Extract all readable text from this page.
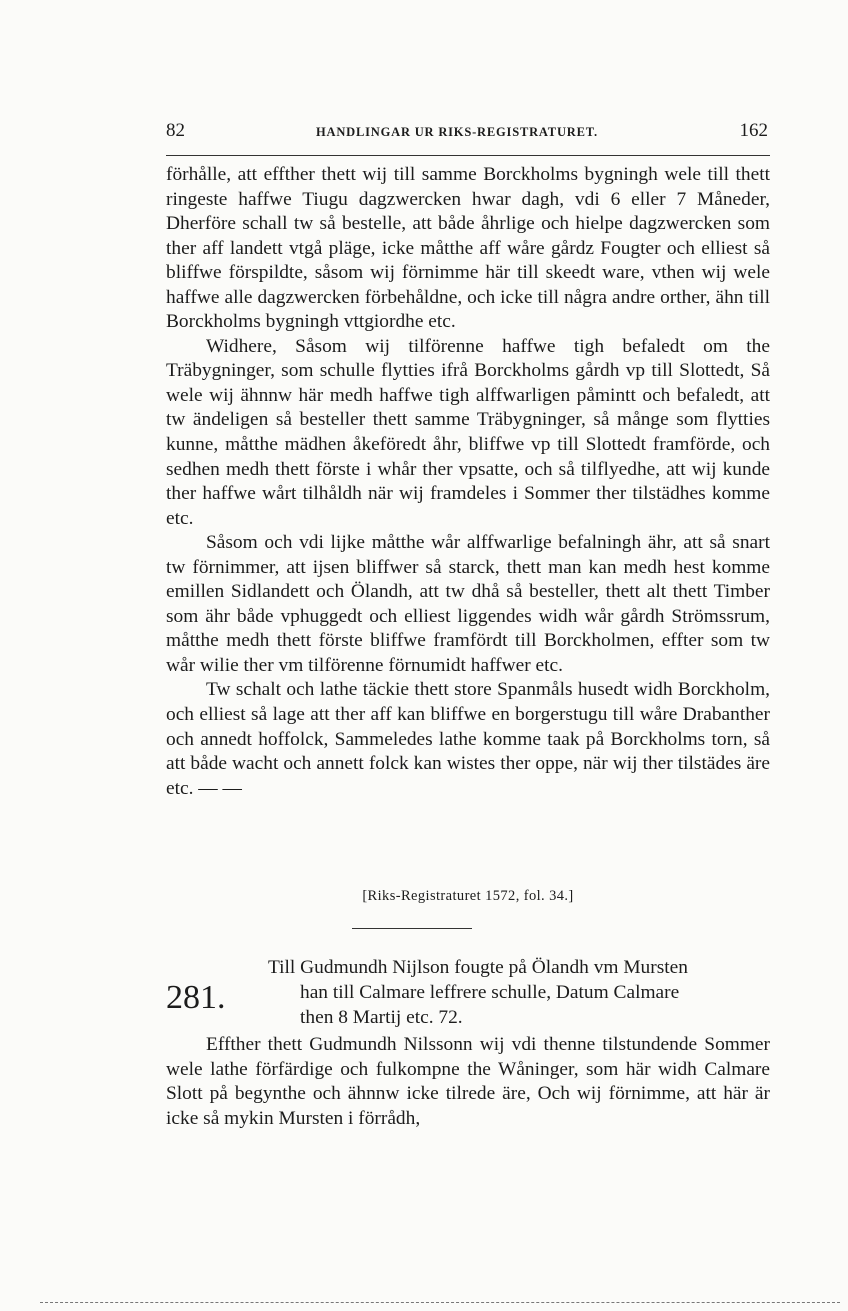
82	HANDLINGAR UR RIKS-REGISTRATURET.	162

förhålle, att effther thett wij till samme Borckholms bygningh wele till thett ringeste haffwe Tiugu dagzwercken hwar dagh, vdi 6 eller 7 Måneder, Dherföre schall tw så bestelle, att både åhrlige och hielpe dagzwercken som ther aff landett vtgå pläge, icke måtthe aff wåre gårdz Fougter och elliest så bliffwe förspildte, såsom wij förnimme här till skeedt ware, vthen wij wele haffwe alle dagzwercken förbehåldne, och icke till några andre orther, ähn till Borckholms bygningh vttgiordhe etc.

Widhere, Såsom wij tilförenne haffwe tigh befaledt om the Träbygninger, som schulle flytties ifrå Borckholms gårdh vp till Slottedt, Så wele wij ähnnw här medh haffwe tigh alffwarligen påmintt och befaledt, att tw ändeligen så besteller thett samme Träbygninger, så månge som flytties kunne, måtthe mädhen åkeföredt åhr, bliffwe vp till Slottedt framförde, och sedhen medh thett förste i whår ther vpsatte, och så tilflyedhe, att wij kunde ther haffwe wårt tilhåldh när wij framdeles i Sommer ther tilstädhes komme etc.

Såsom och vdi lijke måtthe wår alffwarlige befalningh ähr, att så snart tw förnimmer, att ijsen bliffwer så starck, thett man kan medh hest komme emillen Sidlandett och Ölandh, att tw dhå så besteller, thett alt thett Timber som ähr både vphuggedt och elliest liggendes widh wår gårdh Strömssrum, måtthe medh thett förste bliffwe framfördt till Borckholmen, effter som tw wår wilie ther vm tilförenne förnumidt haffwer etc.

Tw schalt och lathe täckie thett store Spanmåls husedt widh Borckholm, och elliest så lage att ther aff kan bliffwe en borgerstugu till wåre Drabanther och annedt hoffolck, Sammeledes lathe komme taak på Borckholms torn, så att både wacht och annett folck kan wistes ther oppe, när wij ther tilstädes äre etc. — —

[Riks-Registraturet 1572, fol. 34.]
281.
Till Gudmundh Nijlson fougte på Ölandh vm Mursten
han till Calmare leffrere schulle, Datum Calmare
then 8 Martij etc. 72.

Effther thett Gudmundh Nilssonn wij vdi thenne tilstundende Sommer wele lathe förfärdige och fulkompne the Wåninger, som här widh Calmare Slott på begynthe och ähnnw icke tilrede äre, Och wij förnimme, att här är icke så mykin Mursten i förrådh,
